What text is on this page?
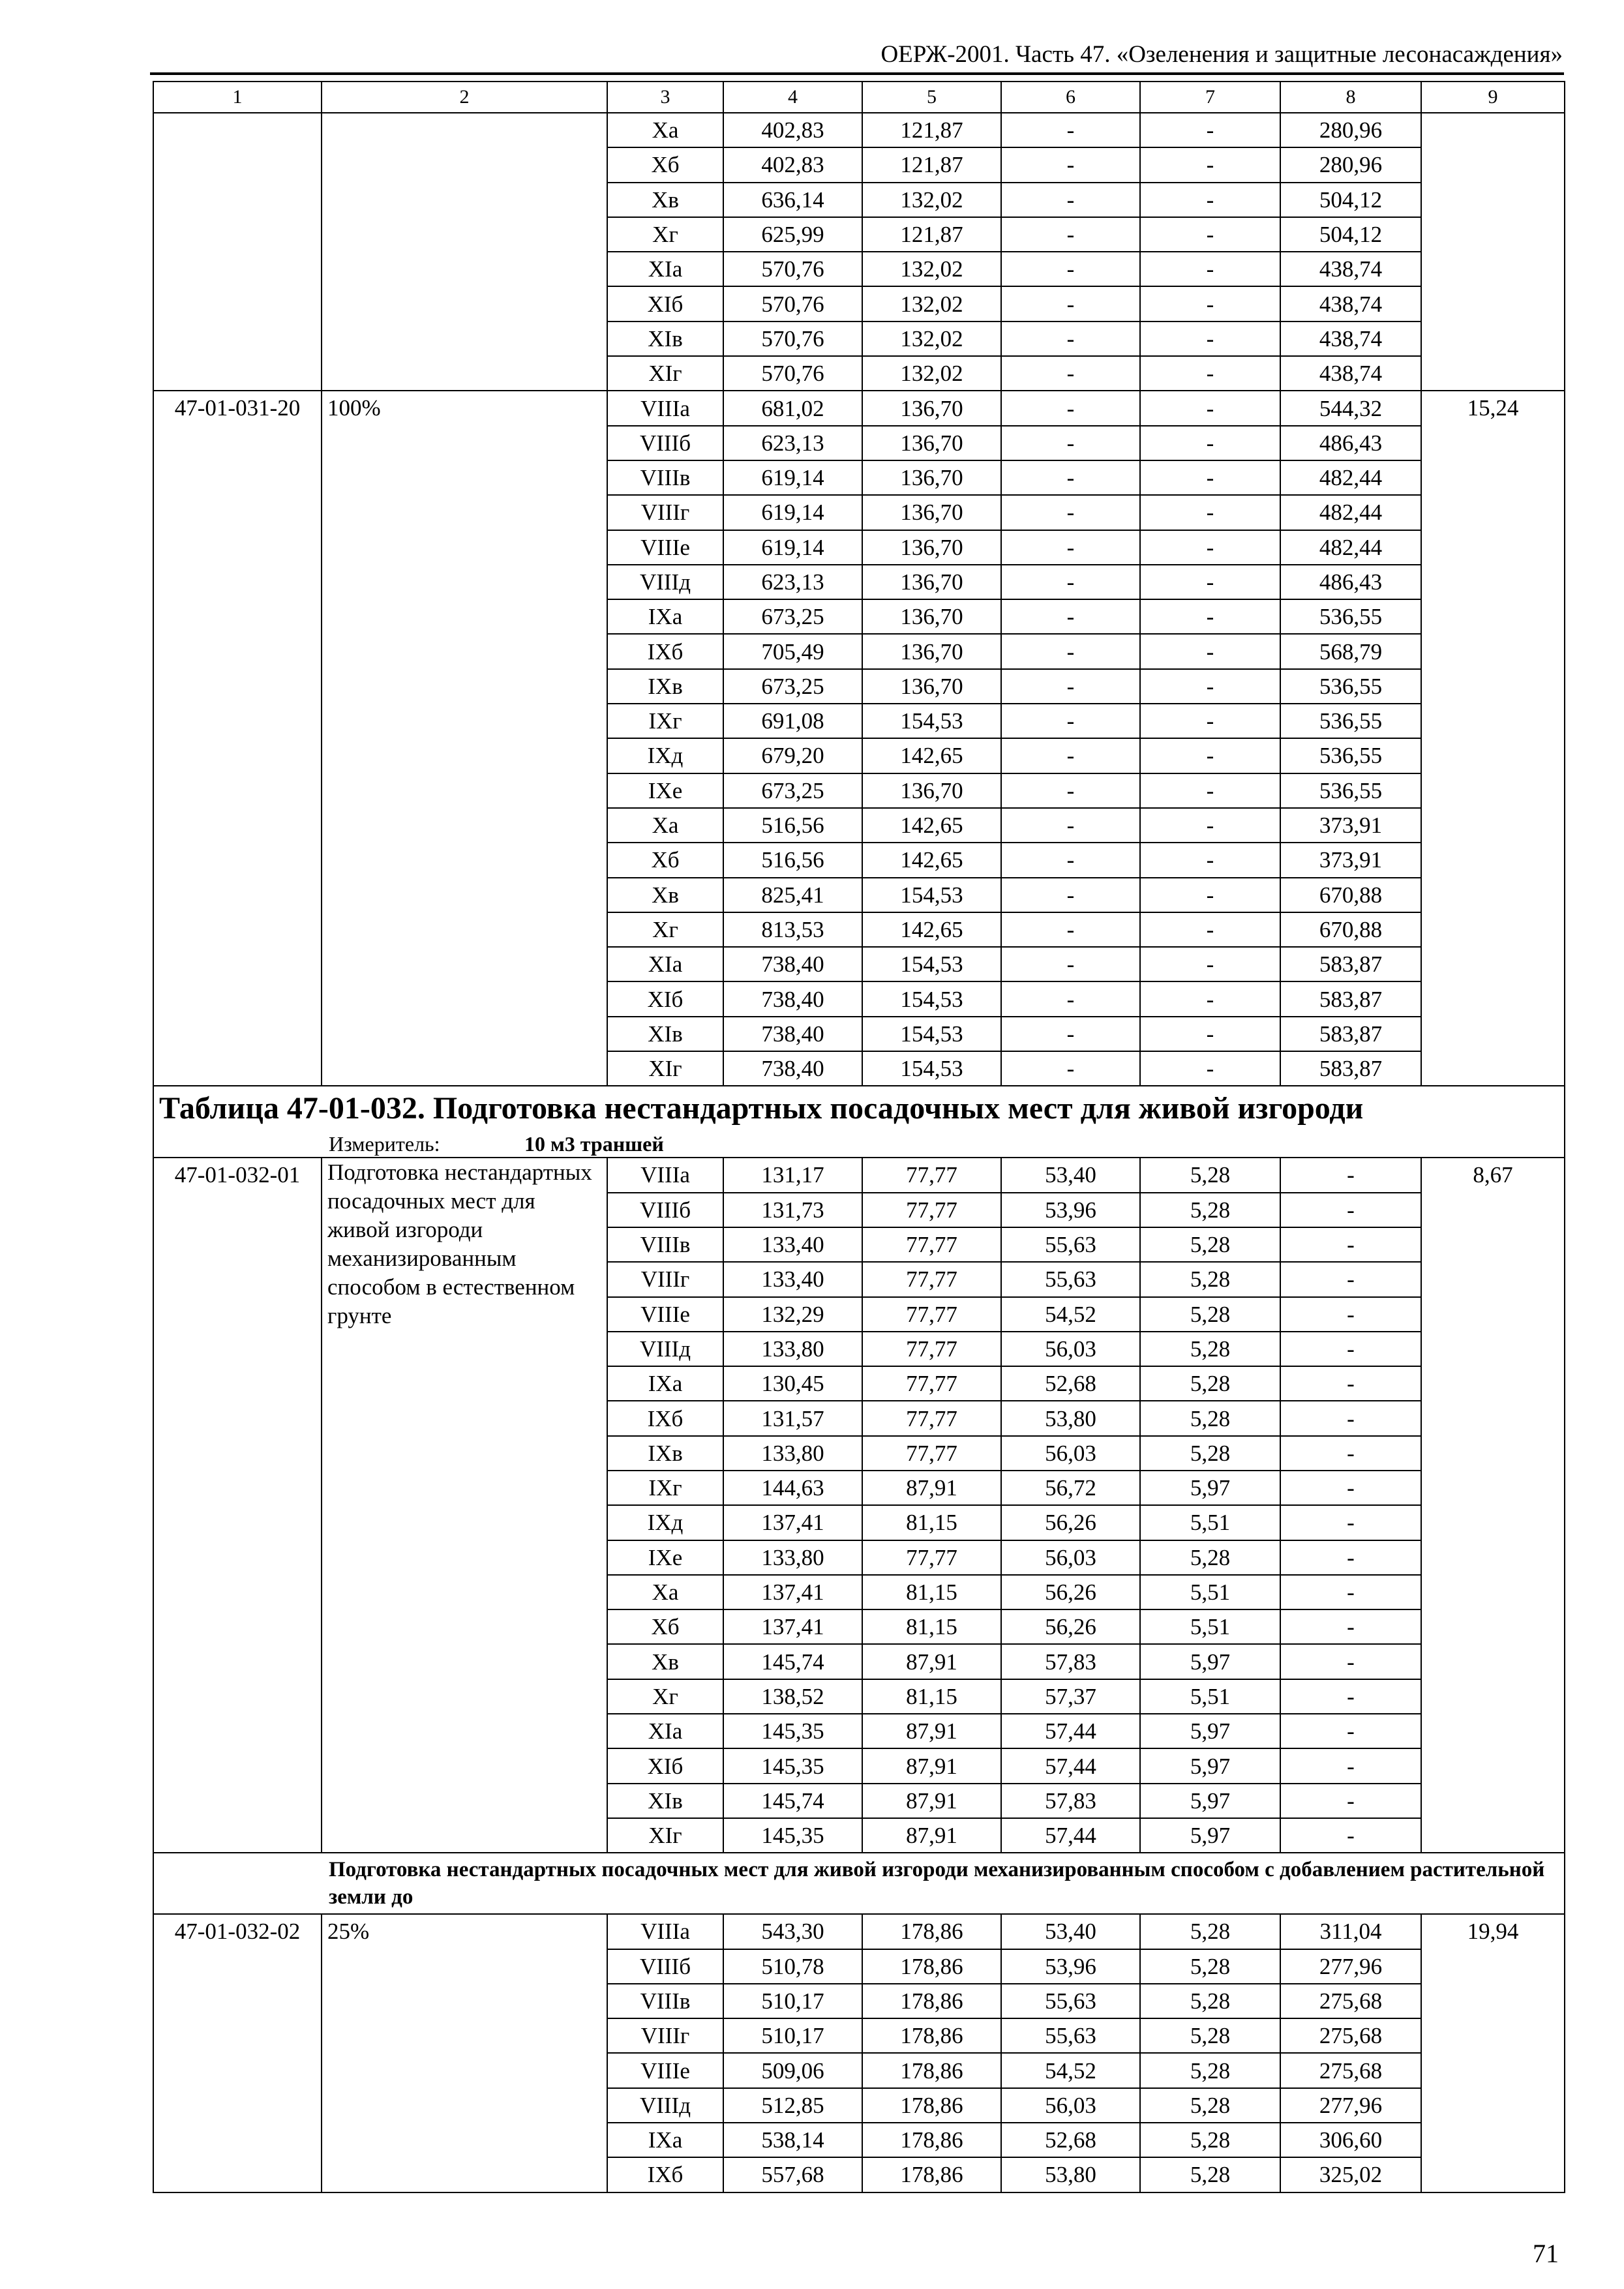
ОЕРЖ-2001. Часть 47. «Озеленения и защитные лесонасаждения»
1	2	3	4	5	6	7	8	9
		Ха	402,83	121,87	-	-	280,96	
		Хб	402,83	121,87	-	-	280,96	
		Хв	636,14	132,02	-	-	504,12	
		Хг	625,99	121,87	-	-	504,12	
		ХIа	570,76	132,02	-	-	438,74	
		ХIб	570,76	132,02	-	-	438,74	
		ХIв	570,76	132,02	-	-	438,74	
		ХIг	570,76	132,02	-	-	438,74	
47-01-031-20	100%	VIIIа	681,02	136,70	-	-	544,32	15,24
		VIIIб	623,13	136,70	-	-	486,43	
		VIIIв	619,14	136,70	-	-	482,44	
		VIIIг	619,14	136,70	-	-	482,44	
		VIIIе	619,14	136,70	-	-	482,44	
		VIIIд	623,13	136,70	-	-	486,43	
		IХа	673,25	136,70	-	-	536,55	
		IХб	705,49	136,70	-	-	568,79	
		IХв	673,25	136,70	-	-	536,55	
		IХг	691,08	154,53	-	-	536,55	
		IХд	679,20	142,65	-	-	536,55	
		IХе	673,25	136,70	-	-	536,55	
		Ха	516,56	142,65	-	-	373,91	
		Хб	516,56	142,65	-	-	373,91	
		Хв	825,41	154,53	-	-	670,88	
		Хг	813,53	142,65	-	-	670,88	
		ХIа	738,40	154,53	-	-	583,87	
		ХIб	738,40	154,53	-	-	583,87	
		ХIв	738,40	154,53	-	-	583,87	
		ХIг	738,40	154,53	-	-	583,87	
Таблица 47-01-032. Подготовка нестандартных посадочных мест для живой изгороди								
Измеритель: 10 м3 траншей								
47-01-032-01	Подготовка нестандартных посадочных мест для живой изгороди механизированным способом в естественном грунте	VIIIа	131,17	77,77	53,40	5,28	-	8,67
		VIIIб	131,73	77,77	53,96	5,28	-	
		VIIIв	133,40	77,77	55,63	5,28	-	
		VIIIг	133,40	77,77	55,63	5,28	-	
		VIIIе	132,29	77,77	54,52	5,28	-	
		VIIIд	133,80	77,77	56,03	5,28	-	
		IХа	130,45	77,77	52,68	5,28	-	
		IХб	131,57	77,77	53,80	5,28	-	
		IХв	133,80	77,77	56,03	5,28	-	
		IХг	144,63	87,91	56,72	5,97	-	
		IХд	137,41	81,15	56,26	5,51	-	
		IХе	133,80	77,77	56,03	5,28	-	
		Ха	137,41	81,15	56,26	5,51	-	
		Хб	137,41	81,15	56,26	5,51	-	
		Хв	145,74	87,91	57,83	5,97	-	
		Хг	138,52	81,15	57,37	5,51	-	
		ХIа	145,35	87,91	57,44	5,97	-	
		ХIб	145,35	87,91	57,44	5,97	-	
		ХIв	145,74	87,91	57,83	5,97	-	
		ХIг	145,35	87,91	57,44	5,97	-	
Подготовка нестандартных посадочных мест для живой изгороди механизированным способом с добавлением растительной земли до								
47-01-032-02	25%	VIIIа	543,30	178,86	53,40	5,28	311,04	19,94
		VIIIб	510,78	178,86	53,96	5,28	277,96	
		VIIIв	510,17	178,86	55,63	5,28	275,68	
		VIIIг	510,17	178,86	55,63	5,28	275,68	
		VIIIе	509,06	178,86	54,52	5,28	275,68	
		VIIIд	512,85	178,86	56,03	5,28	277,96	
		IХа	538,14	178,86	52,68	5,28	306,60	
		IХб	557,68	178,86	53,80	5,28	325,02	
71
